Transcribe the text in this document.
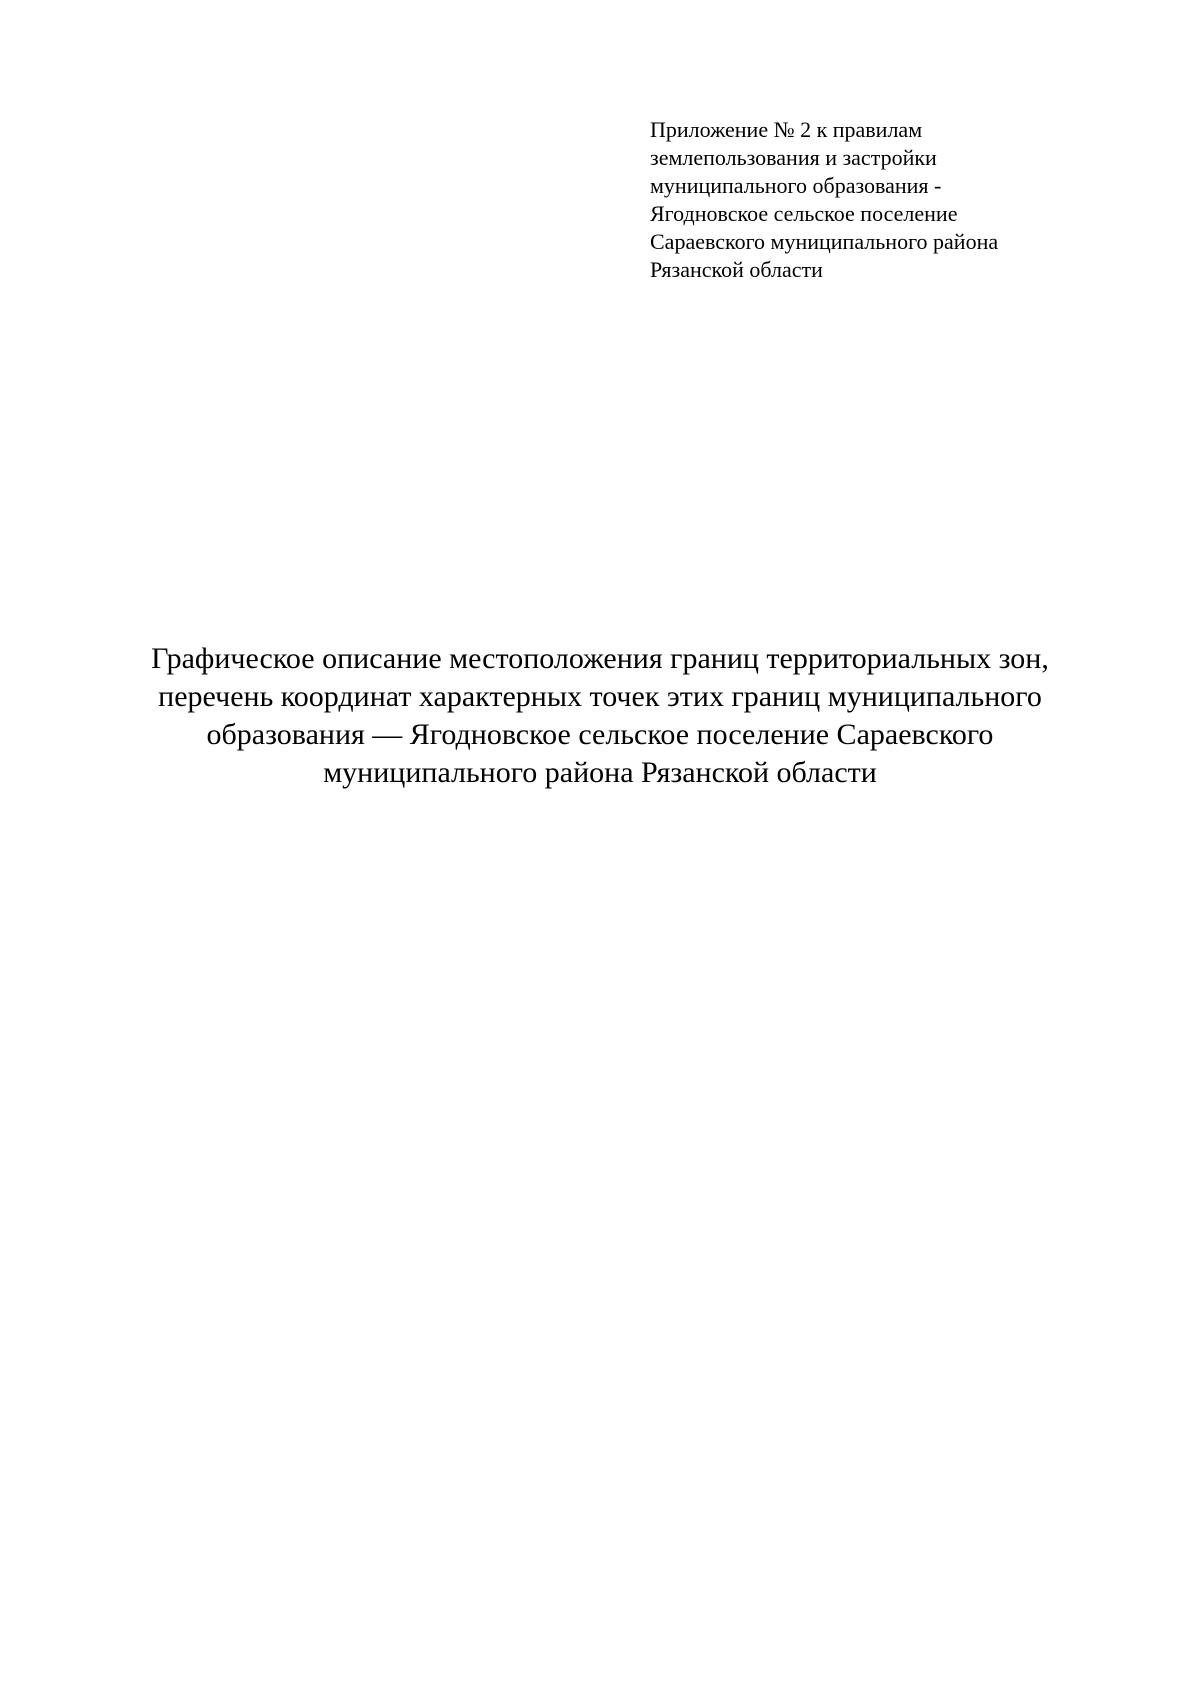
Приложение № 2 к правилам
землепользования и застройки
муниципального образования -
Ягодновское сельское поселение
Сараевского муниципального района
Рязанской области
Графическое описание местоположения границ территориальных зон,
перечень координат характерных точек этих границ муниципального
образования — Ягодновское сельское поселение Сараевского
муниципального района Рязанской области
